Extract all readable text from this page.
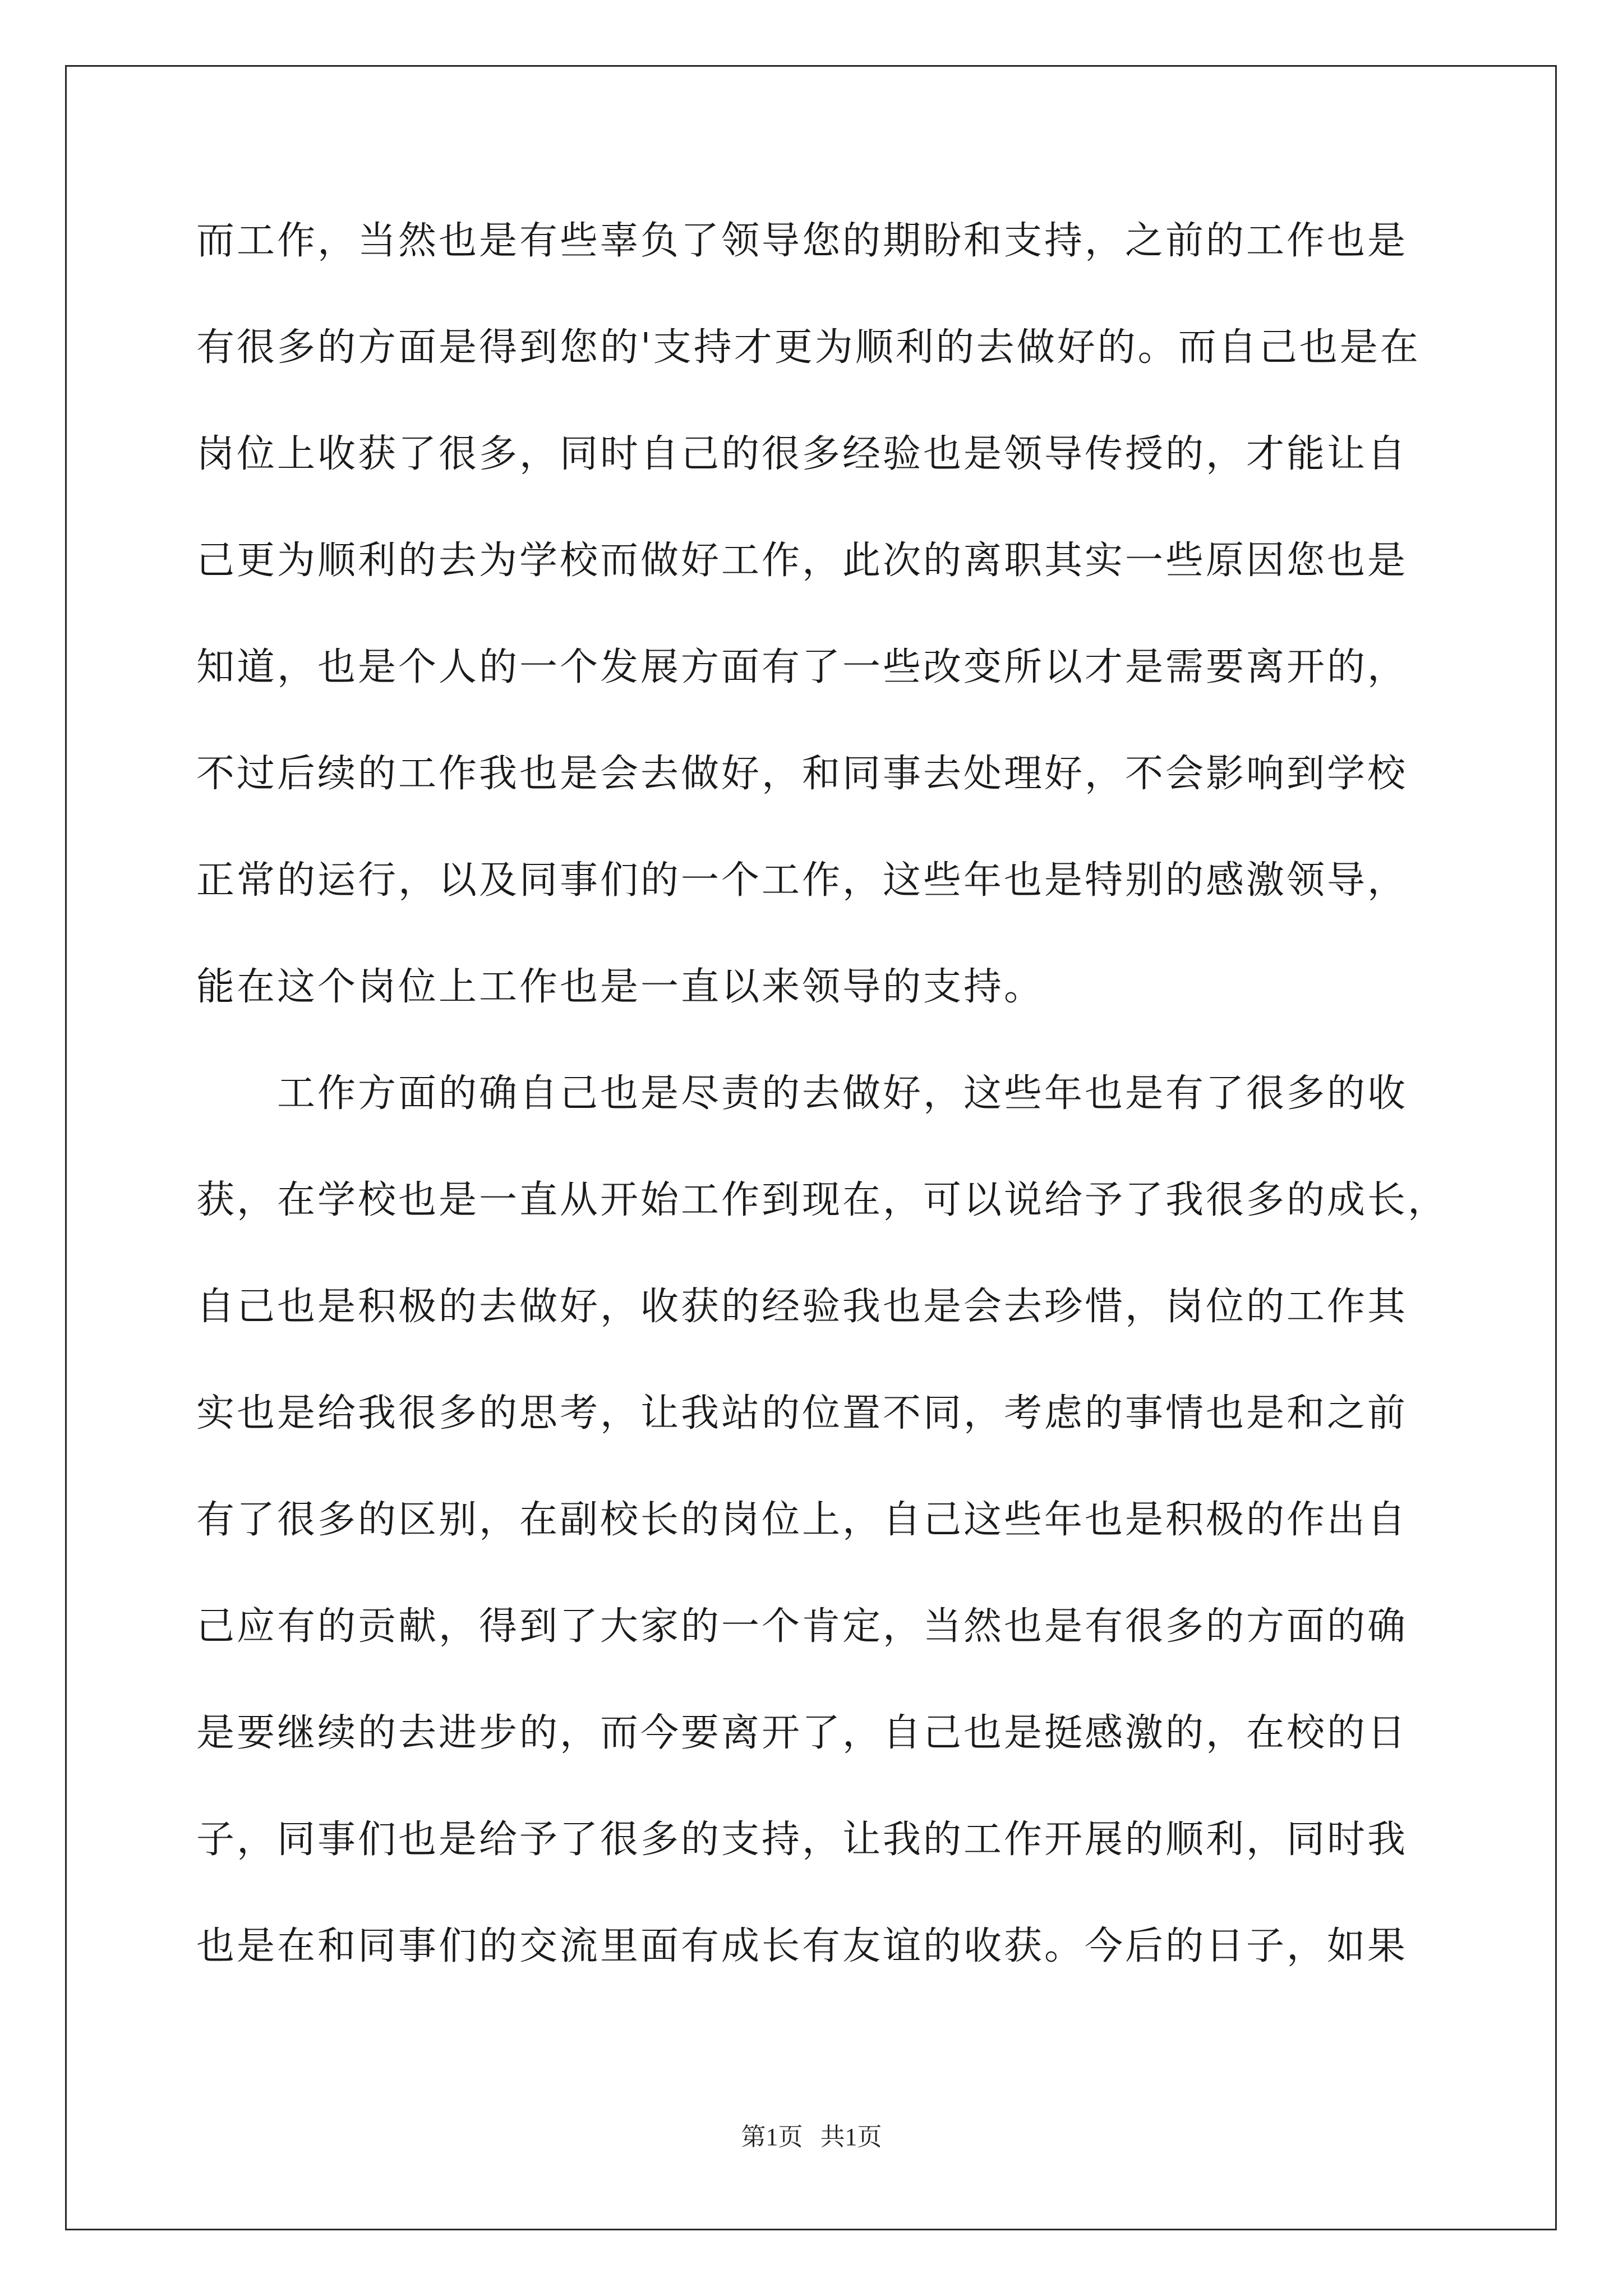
而工作，当然也是有些辜负了领导您的期盼和支持，之前的工作也是
有很多的方面是得到您的'支持才更为顺利的去做好的。而自己也是在
岗位上收获了很多，同时自己的很多经验也是领导传授的，才能让自
己更为顺利的去为学校而做好工作，此次的离职其实一些原因您也是
知道，也是个人的一个发展方面有了一些改变所以才是需要离开的，
不过后续的工作我也是会去做好，和同事去处理好，不会影响到学校
正常的运行，以及同事们的一个工作，这些年也是特别的感激领导，
能在这个岗位上工作也是一直以来领导的支持。
　　工作方面的确自己也是尽责的去做好，这些年也是有了很多的收
获，在学校也是一直从开始工作到现在，可以说给予了我很多的成长，
自己也是积极的去做好，收获的经验我也是会去珍惜，岗位的工作其
实也是给我很多的思考，让我站的位置不同，考虑的事情也是和之前
有了很多的区别，在副校长的岗位上，自己这些年也是积极的作出自
己应有的贡献，得到了大家的一个肯定，当然也是有很多的方面的确
是要继续的去进步的，而今要离开了，自己也是挺感激的，在校的日
子，同事们也是给予了很多的支持，让我的工作开展的顺利，同时我
也是在和同事们的交流里面有成长有友谊的收获。今后的日子，如果
第1页 共1页
